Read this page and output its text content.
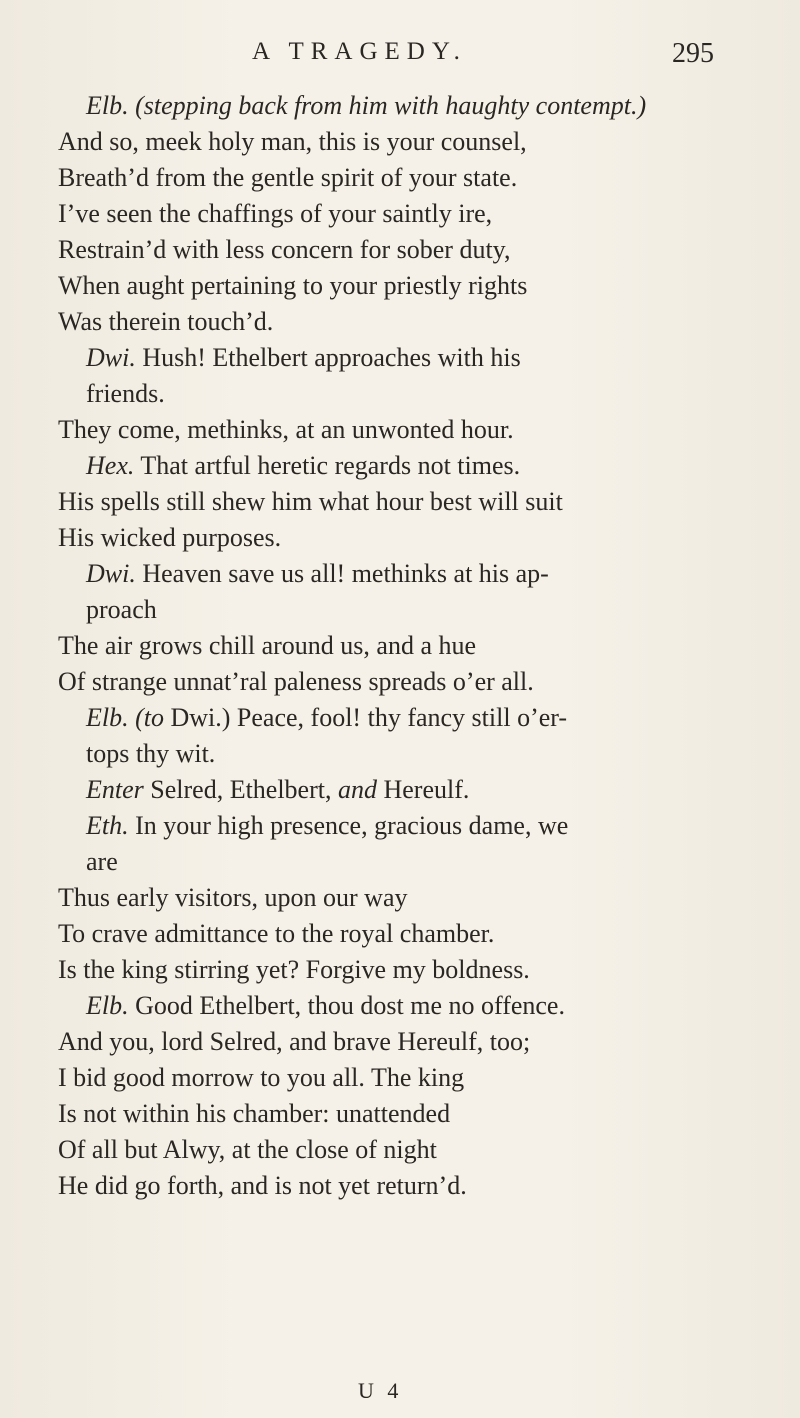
A TRAGEDY.	295
Elb. (stepping back from him with haughty contempt.)
And so, meek holy man, this is your counsel,
Breath’d from the gentle spirit of your state.
I’ve seen the chaffings of your saintly ire,
Restrain’d with less concern for sober duty,
When aught pertaining to your priestly rights
Was therein touch’d.
Dwi. Hush! Ethelbert approaches with his
friends.
They come, methinks, at an unwonted hour.
Hex. That artful heretic regards not times.
His spells still shew him what hour best will suit
His wicked purposes.
Dwi. Heaven save us all! methinks at his ap-
proach
The air grows chill around us, and a hue
Of strange unnat’ral paleness spreads o’er all.
Elb. (to Dwi.) Peace, fool! thy fancy still o’er-
tops thy wit.
Enter Selred, Ethelbert, and Hereulf.
Eth. In your high presence, gracious dame, we
are
Thus early visitors, upon our way
To crave admittance to the royal chamber.
Is the king stirring yet? Forgive my boldness.
Elb. Good Ethelbert, thou dost me no offence.
And you, lord Selred, and brave Hereulf, too;
I bid good morrow to you all. The king
Is not within his chamber: unattended
Of all but Alwy, at the close of night
He did go forth, and is not yet return’d.
U 4
